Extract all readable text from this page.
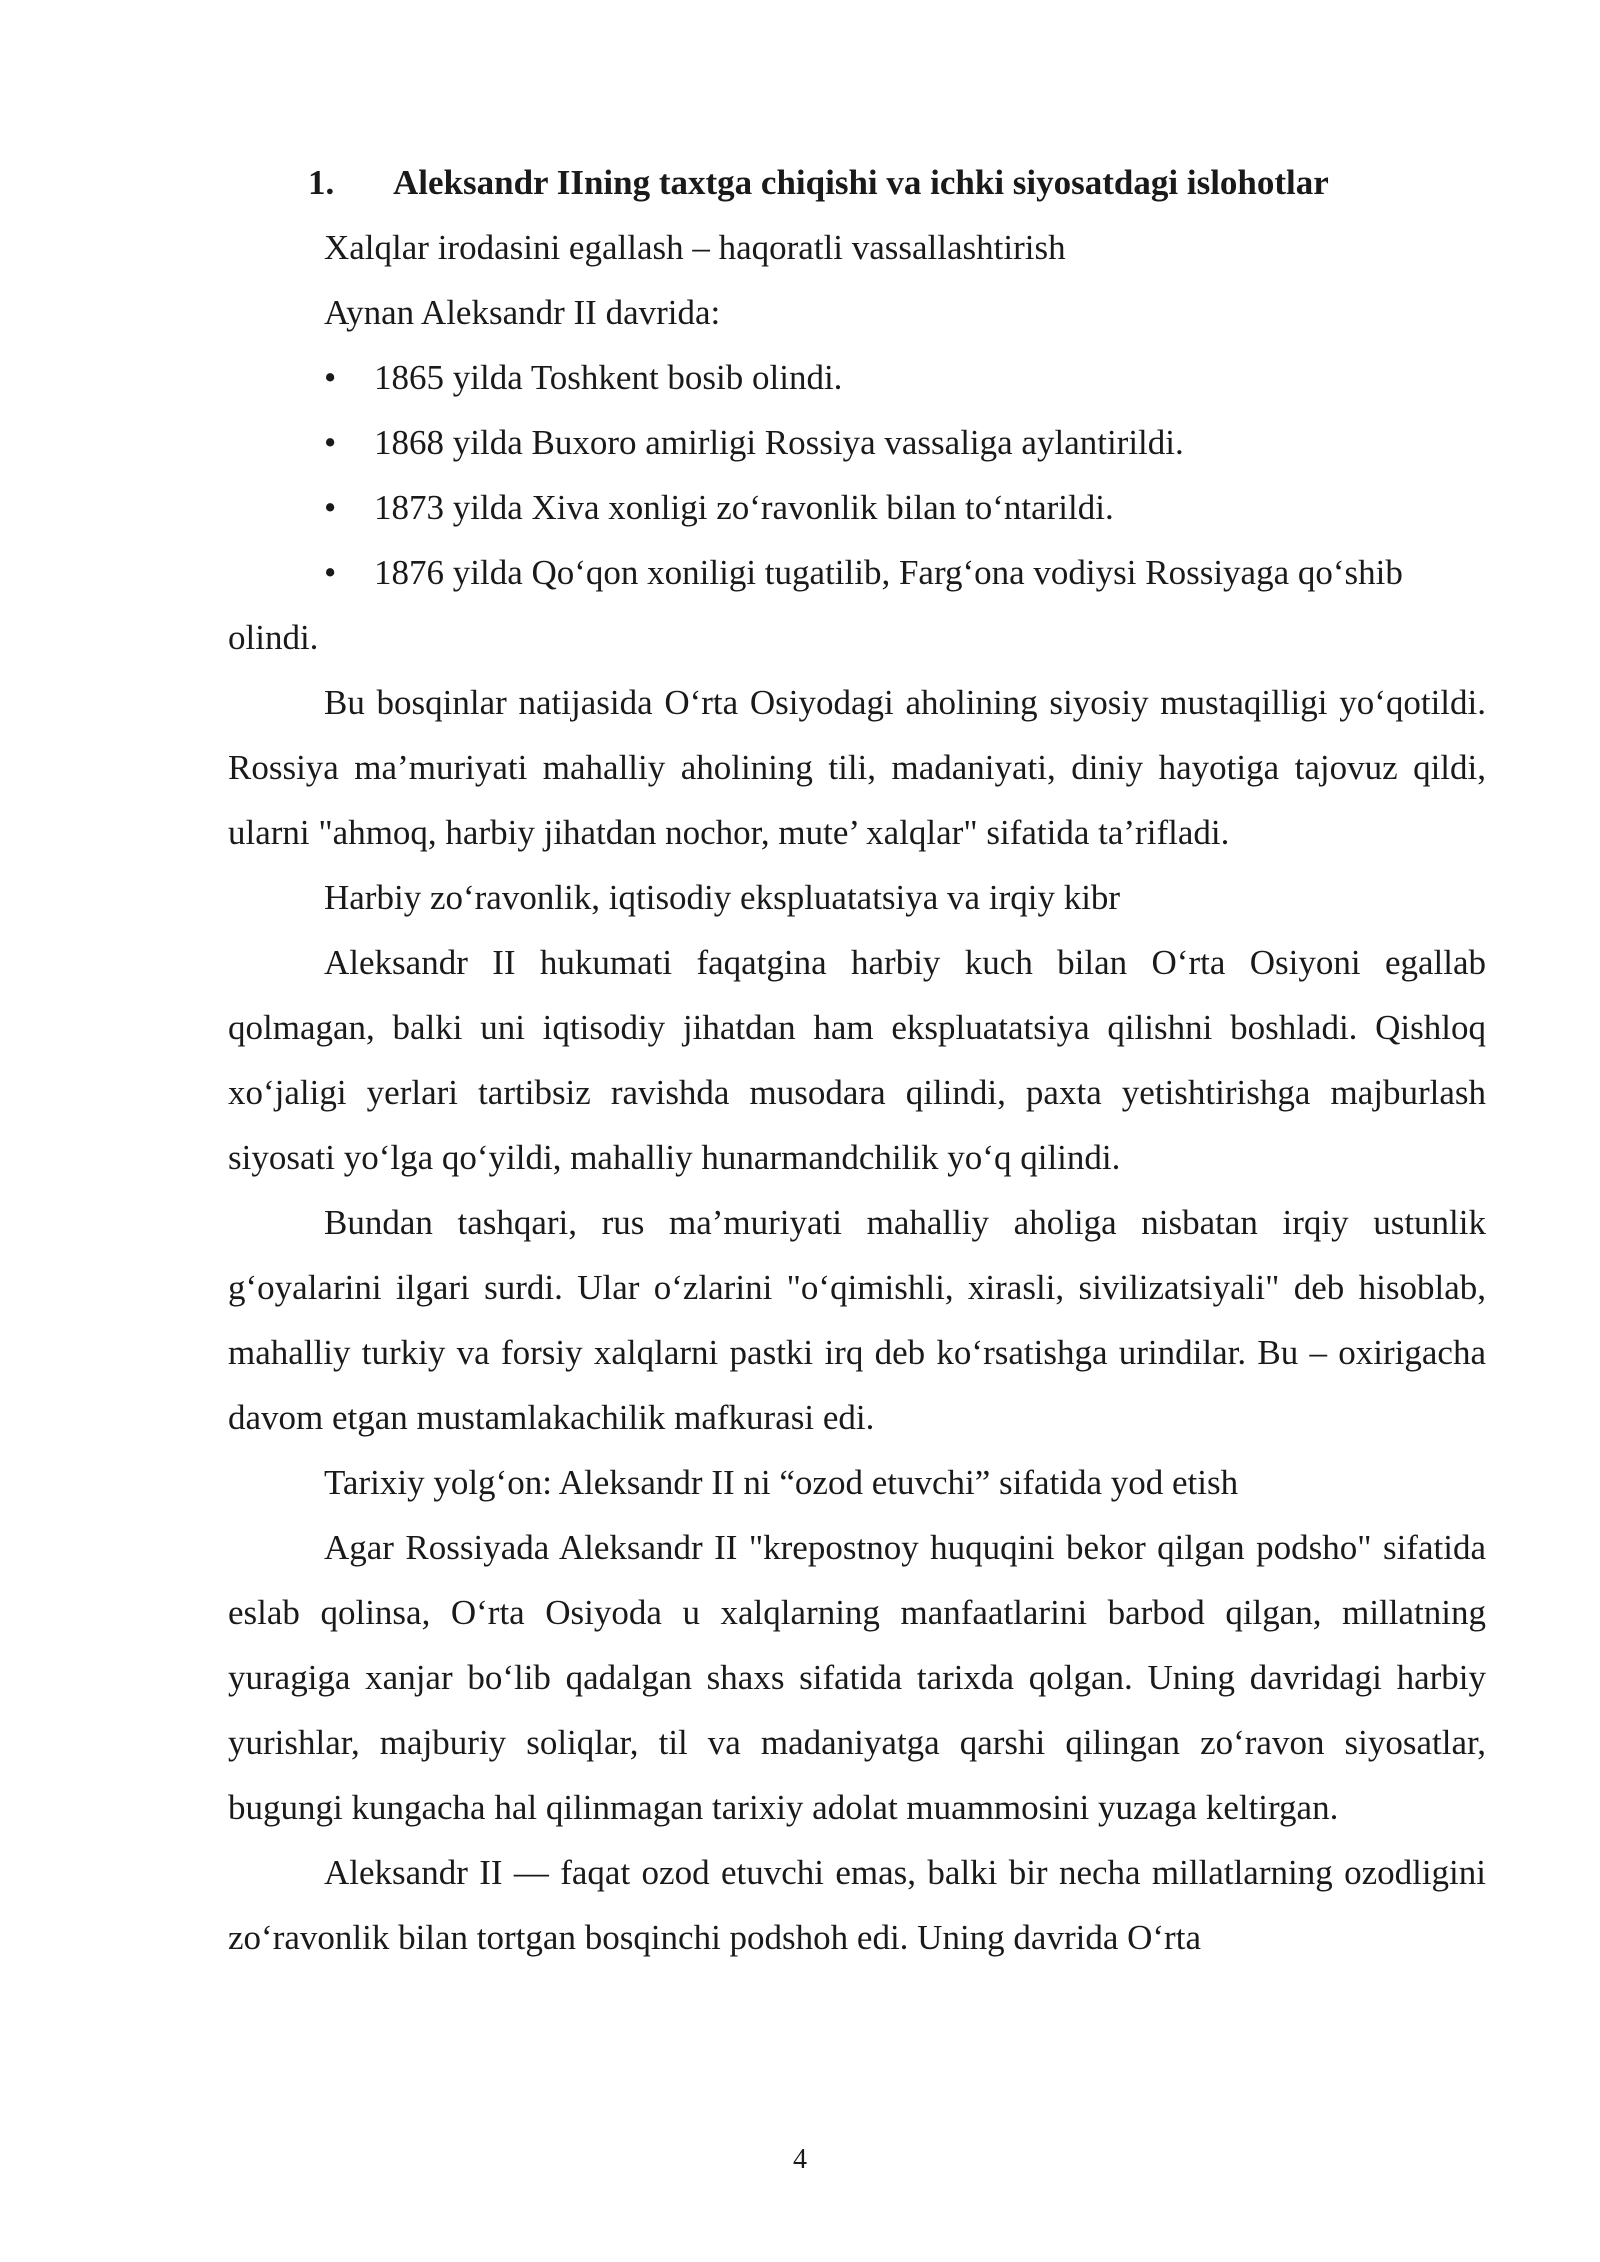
1.	Aleksandr IIning taxtga chiqishi va ichki siyosatdagi islohotlar
Xalqlar irodasini egallash – haqoratli vassallashtirish
Aynan Aleksandr II davrida:
• 1865 yilda Toshkent bosib olindi.
• 1868 yilda Buxoro amirligi Rossiya vassaliga aylantirildi.
• 1873 yilda Xiva xonligi zo‘ravonlik bilan to‘ntarildi.
• 1876 yilda Qo‘qon xoniligi tugatilib, Farg‘ona vodiysi Rossiyaga qo‘shib
olindi.

Bu bosqinlar natijasida O‘rta Osiyodagi aholining siyosiy mustaqilligi yo‘qotildi. Rossiya ma’muriyati mahalliy aholining tili, madaniyati, diniy hayotiga tajovuz qildi, ularni "ahmoq, harbiy jihatdan nochor, mute’ xalqlar" sifatida ta’rifladi.

Harbiy zo‘ravonlik, iqtisodiy ekspluatatsiya va irqiy kibr

Aleksandr II hukumati faqatgina harbiy kuch bilan O‘rta Osiyoni egallab qolmagan, balki uni iqtisodiy jihatdan ham ekspluatatsiya qilishni boshladi. Qishloq xo‘jaligi yerlari tartibsiz ravishda musodara qilindi, paxta yetishtirishga majburlash siyosati yo‘lga qo‘yildi, mahalliy hunarmandchilik yo‘q qilindi.

Bundan tashqari, rus ma’muriyati mahalliy aholiga nisbatan irqiy ustunlik g‘oyalarini ilgari surdi. Ular o‘zlarini "o‘qimishli, xirasli, sivilizatsiyali" deb hisoblab, mahalliy turkiy va forsiy xalqlarni pastki irq deb ko‘rsatishga urindilar. Bu – oxirigacha davom etgan mustamlakachilik mafkurasi edi.

Tarixiy yolg‘on: Aleksandr II ni “ozod etuvchi” sifatida yod etish

Agar Rossiyada Aleksandr II "krepostnoy huquqini bekor qilgan podsho" sifatida eslab qolinsa, O‘rta Osiyoda u xalqlarning manfaatlarini barbod qilgan, millatning yuragiga xanjar bo‘lib qadalgan shaxs sifatida tarixda qolgan. Uning davridagi harbiy yurishlar, majburiy soliqlar, til va madaniyatga qarshi qilingan zo‘ravon siyosatlar, bugungi kungacha hal qilinmagan tarixiy adolat muammosini yuzaga keltirgan.

Aleksandr II — faqat ozod etuvchi emas, balki bir necha millatlarning ozodligini zo‘ravonlik bilan tortgan bosqinchi podshoh edi. Uning davrida O‘rta

4
